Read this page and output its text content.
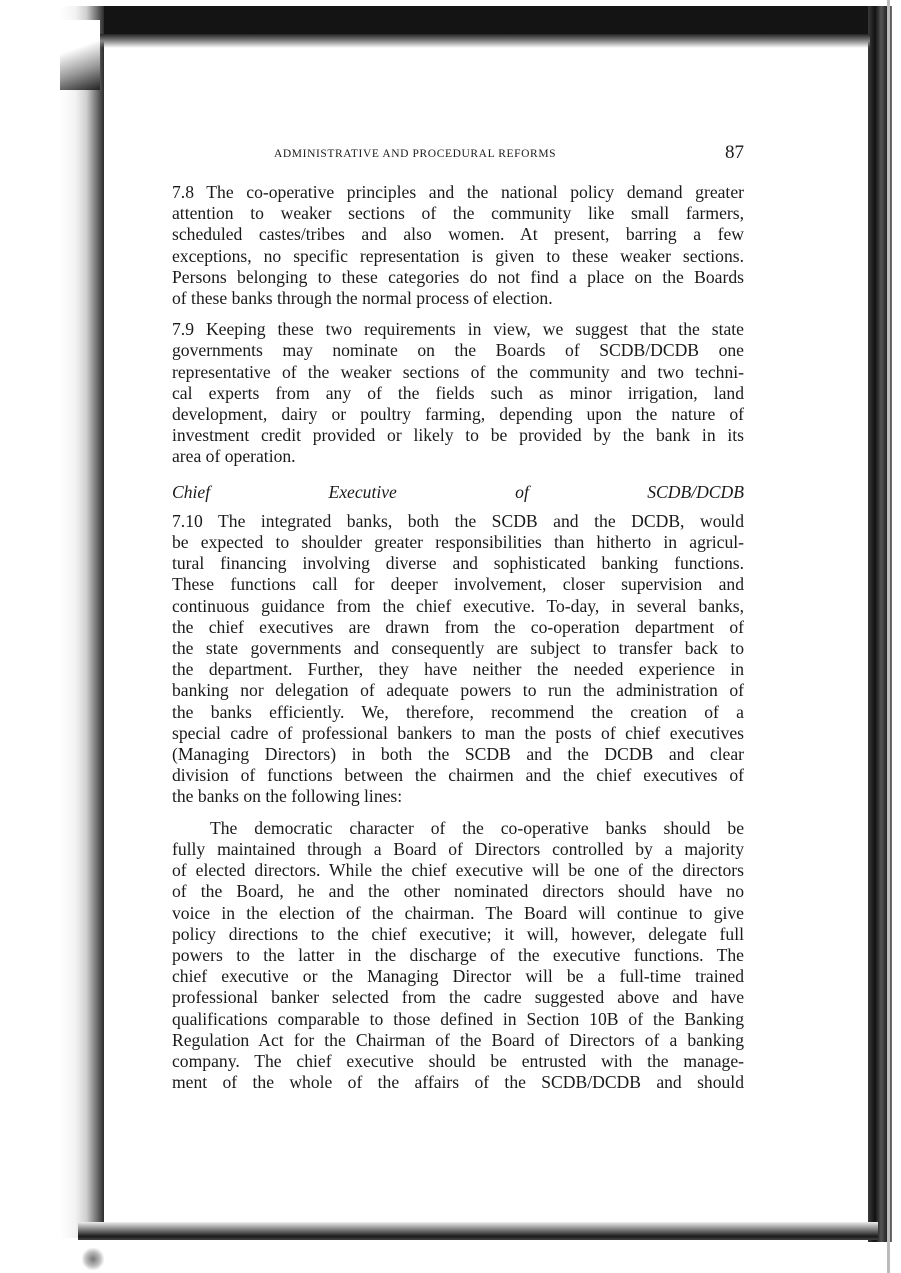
ADMINISTRATIVE AND PROCEDURAL REFORMS	87

7.8 The co-operative principles and the national policy demand greater

attention to weaker sections of the community like small farmers,

scheduled castes/tribes and also women. At present, barring a few

exceptions, no specific representation is given to these weaker sections.

Persons belonging to these categories do not find a place on the Boards

of these banks through the normal process of election.

7.9 Keeping these two requirements in view, we suggest that the state

governments may nominate on the Boards of SCDB/DCDB one

representative of the weaker sections of the community and two techni-

cal experts from any of the fields such as minor irrigation, land

development, dairy or poultry farming, depending upon the nature of

investment credit provided or likely to be provided by the bank in its

area of operation.

Chief Executive of SCDB/DCDB

7.10 The integrated banks, both the SCDB and the DCDB, would

be expected to shoulder greater responsibilities than hitherto in agricul-

tural financing involving diverse and sophisticated banking functions.

These functions call for deeper involvement, closer supervision and

continuous guidance from the chief executive. To-day, in several banks,

the chief executives are drawn from the co-operation department of

the state governments and consequently are subject to transfer back to

the department. Further, they have neither the needed experience in

banking nor delegation of adequate powers to run the administration of

the banks efficiently. We, therefore, recommend the creation of a

special cadre of professional bankers to man the posts of chief executives

(Managing Directors) in both the SCDB and the DCDB and clear

division of functions between the chairmen and the chief executives of

the banks on the following lines:

The democratic character of the co-operative banks should be

fully maintained through a Board of Directors controlled by a majority

of elected directors. While the chief executive will be one of the directors

of the Board, he and the other nominated directors should have no

voice in the election of the chairman. The Board will continue to give

policy directions to the chief executive; it will, however, delegate full

powers to the latter in the discharge of the executive functions. The

chief executive or the Managing Director will be a full-time trained

professional banker selected from the cadre suggested above and have

qualifications comparable to those defined in Section 10B of the Banking

Regulation Act for the Chairman of the Board of Directors of a banking

company. The chief executive should be entrusted with the manage-

ment of the whole of the affairs of the SCDB/DCDB and should
